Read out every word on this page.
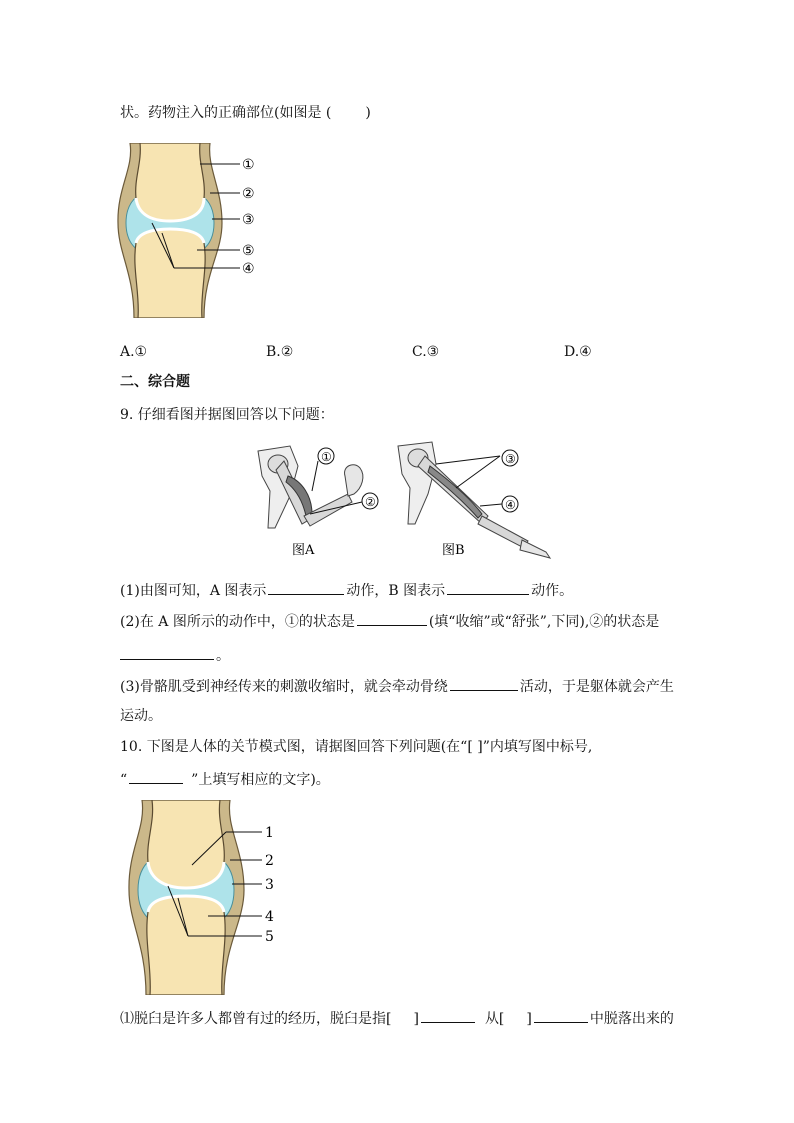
状。药物注入的正确部位(如图是 ( )
①
②
③
⑤
④
A.①	B.②	C.③	D.④
二、综合题
9. 仔细看图并据图回答以下问题：
①
②
图A
③
④
图B
(1)由图可知，A 图表示	动作，B 图表示	动作。
(2)在 A 图所示的动作中，①的状态是	(填“收缩”或“舒张”,下同),②的状态是
。
(3)骨骼肌受到神经传来的刺激收缩时，就会牵动骨绕	活动，于是躯体就会产生
运动。
10. 下图是人体的关节模式图，请据图回答下列问题(在“[ ]”内填写图中标号,
“	”上填写相应的文字)。
1
2
3
4
5
⑴脱臼是许多人都曾有过的经历，脱臼是指[ ]	从[ ]	中脱落出来的
